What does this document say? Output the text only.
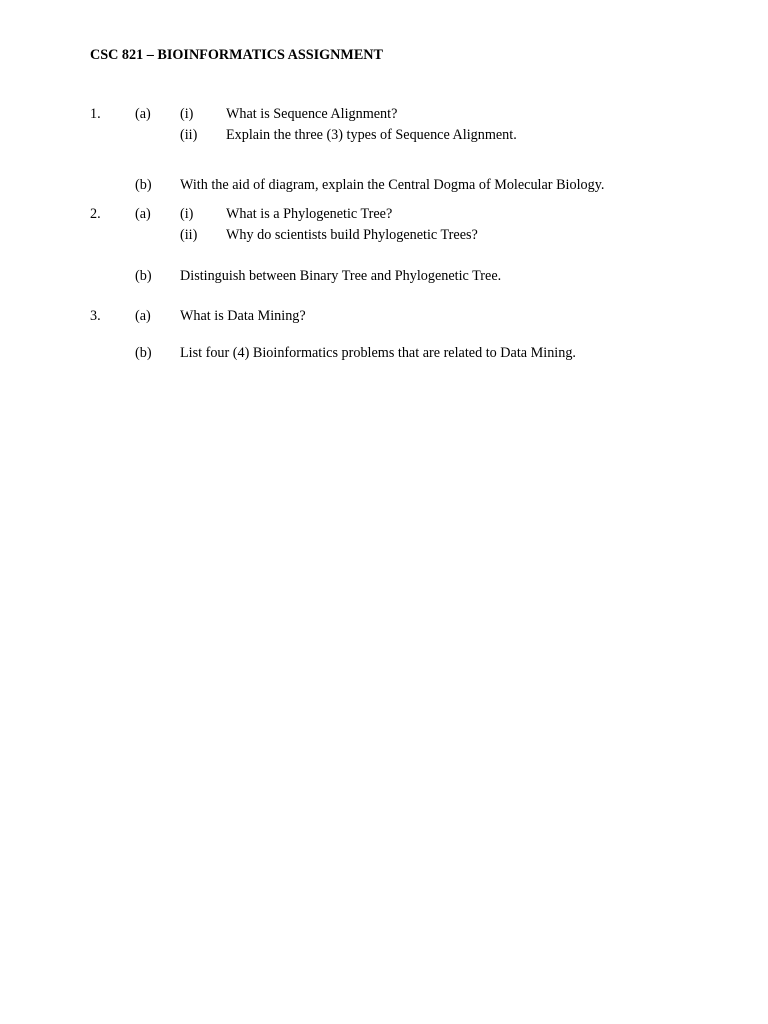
CSC 821 – BIOINFORMATICS ASSIGNMENT
1. (a) (i) What is Sequence Alignment?
(ii) Explain the three (3) types of Sequence Alignment.
(b) With the aid of diagram, explain the Central Dogma of Molecular Biology.
2. (a) (i) What is a Phylogenetic Tree?
(ii) Why do scientists build Phylogenetic Trees?
(b) Distinguish between Binary Tree and Phylogenetic Tree.
3. (a) What is Data Mining?
(b) List four (4) Bioinformatics problems that are related to Data Mining.
